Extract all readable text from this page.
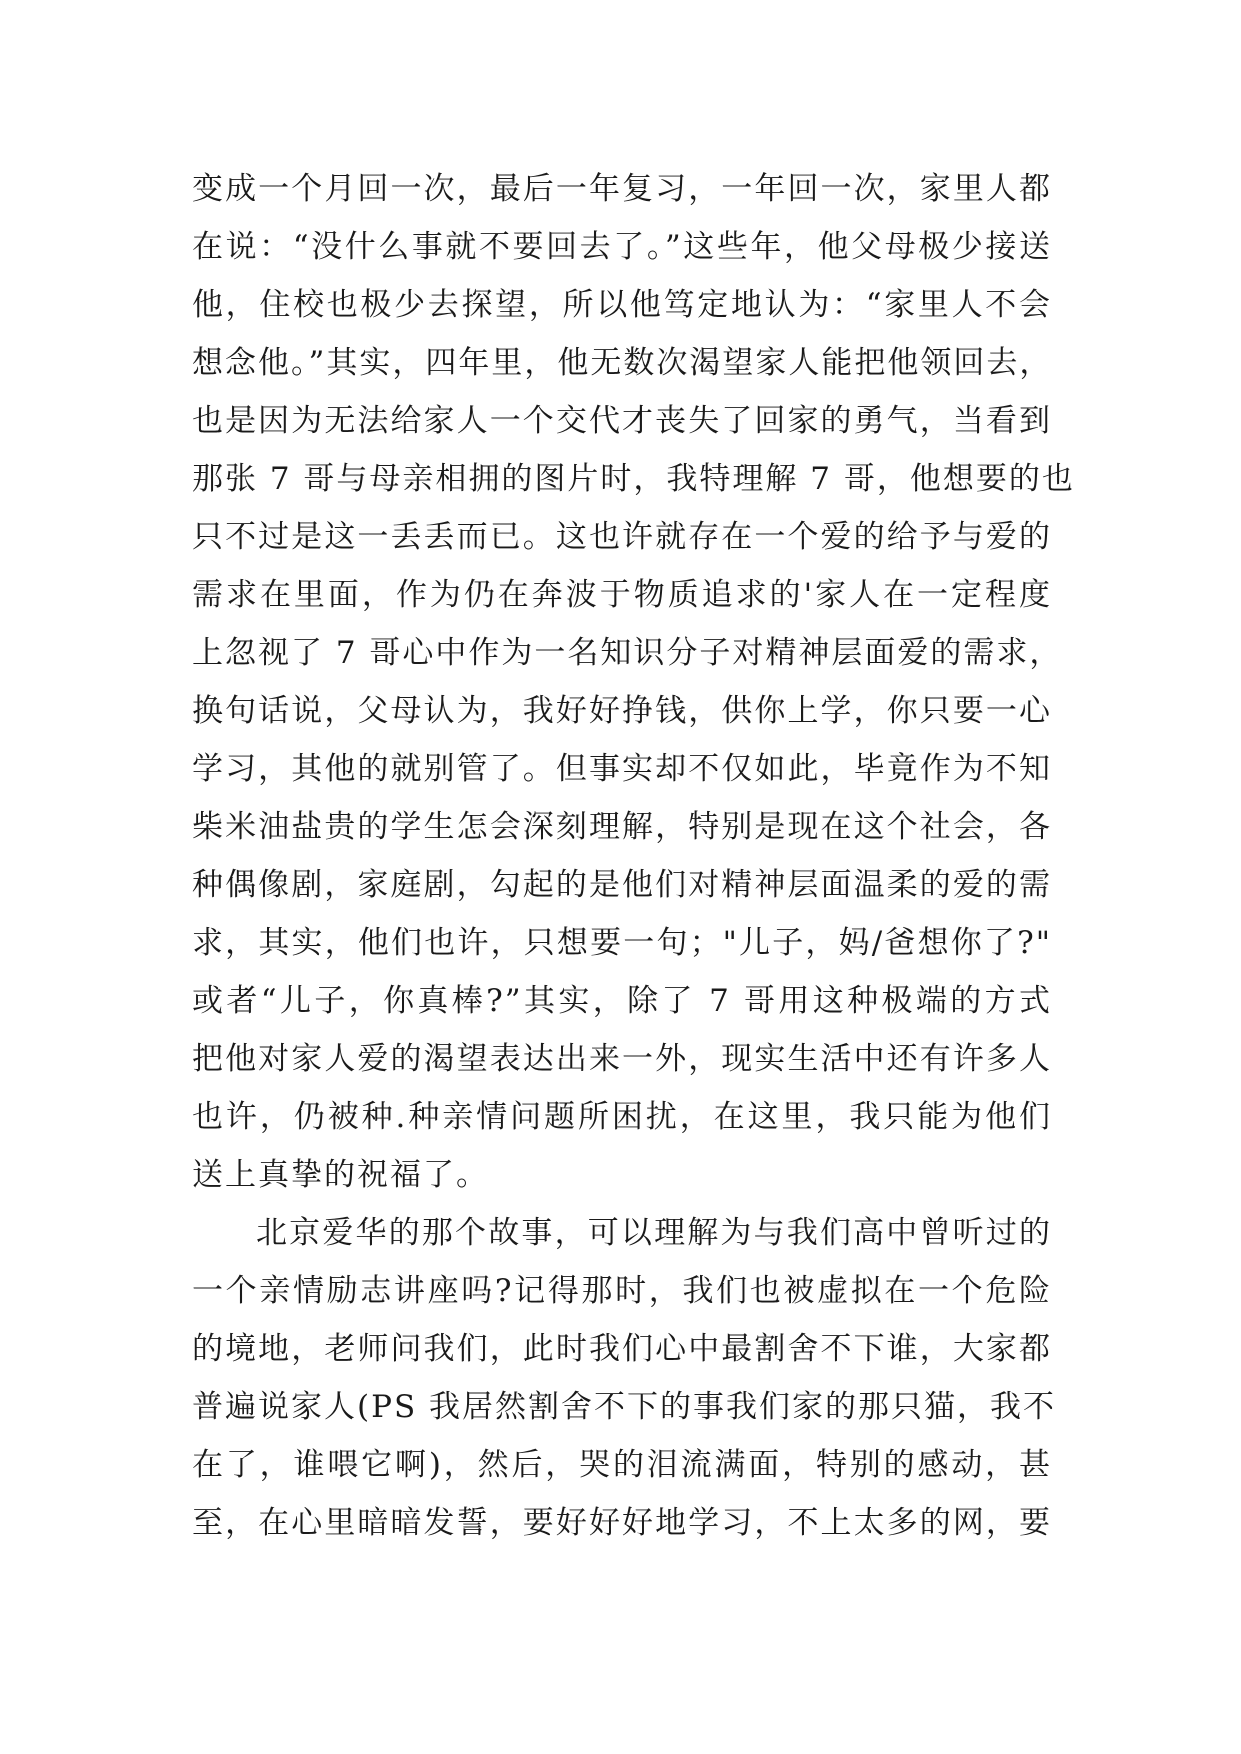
变成一个月回一次，最后一年复习，一年回一次，家里人都
在说：“没什么事就不要回去了。”这些年，他父母极少接送
他，住校也极少去探望，所以他笃定地认为：“家里人不会
想念他。”其实，四年里，他无数次渴望家人能把他领回去，
也是因为无法给家人一个交代才丧失了回家的勇气，当看到
那张 7 哥与母亲相拥的图片时，我特理解 7 哥，他想要的也
只不过是这一丢丢而已。这也许就存在一个爱的给予与爱的
需求在里面，作为仍在奔波于物质追求的'家人在一定程度
上忽视了 7 哥心中作为一名知识分子对精神层面爱的需求，
换句话说，父母认为，我好好挣钱，供你上学，你只要一心
学习，其他的就别管了。但事实却不仅如此，毕竟作为不知
柴米油盐贵的学生怎会深刻理解，特别是现在这个社会，各
种偶像剧，家庭剧，勾起的是他们对精神层面温柔的爱的需
求，其实，他们也许，只想要一句；"儿子，妈/爸想你了?"
或者“儿子，你真棒?”其实，除了 7 哥用这种极端的方式
把他对家人爱的渴望表达出来一外，现实生活中还有许多人
也许，仍被种.种亲情问题所困扰，在这里，我只能为他们
送上真挚的祝福了。
北京爱华的那个故事，可以理解为与我们高中曾听过的
一个亲情励志讲座吗?记得那时，我们也被虚拟在一个危险
的境地，老师问我们，此时我们心中最割舍不下谁，大家都
普遍说家人(PS 我居然割舍不下的事我们家的那只猫，我不
在了，谁喂它啊)，然后，哭的泪流满面，特别的感动，甚
至，在心里暗暗发誓，要好好好地学习，不上太多的网，要
